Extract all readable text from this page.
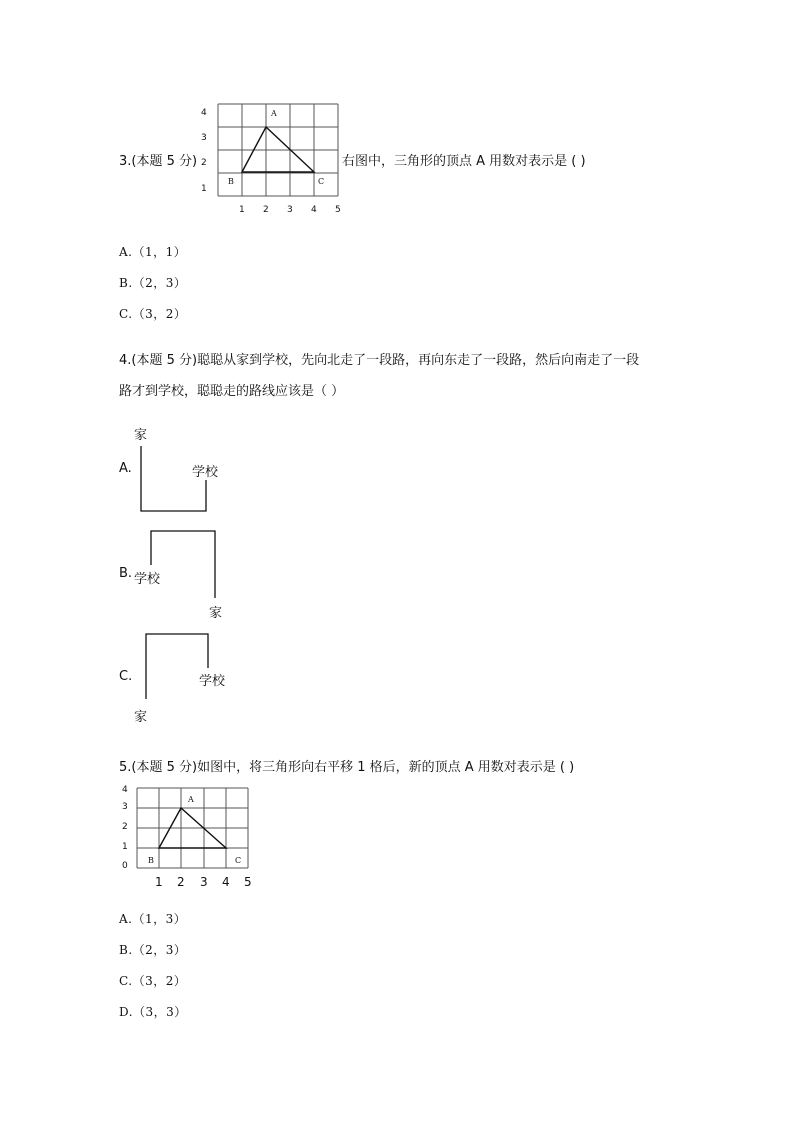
3.(本题 5 分)
4
3
2
1
1 2 3 4 5
A
B	C
右图中，三角形的顶点 A 用数对表示是 ( )
A.（1，1）
B.（2，3）
C.（3，2）
4.(本题 5 分)聪聪从家到学校，先向北走了一段路，再向东走了一段路，然后向南走了一段
路才到学校，聪聪走的路线应该是（ ）
家
A.	学校
B. 学校
家
C.	学校
家
5.(本题 5 分)如图中，将三角形向右平移 1 格后，新的顶点 A 用数对表示是 ( )
4
3
2
1
0
1 2 3 4 5
A
B	C
A.（1，3）
B.（2，3）
C.（3，2）
D.（3，3）
